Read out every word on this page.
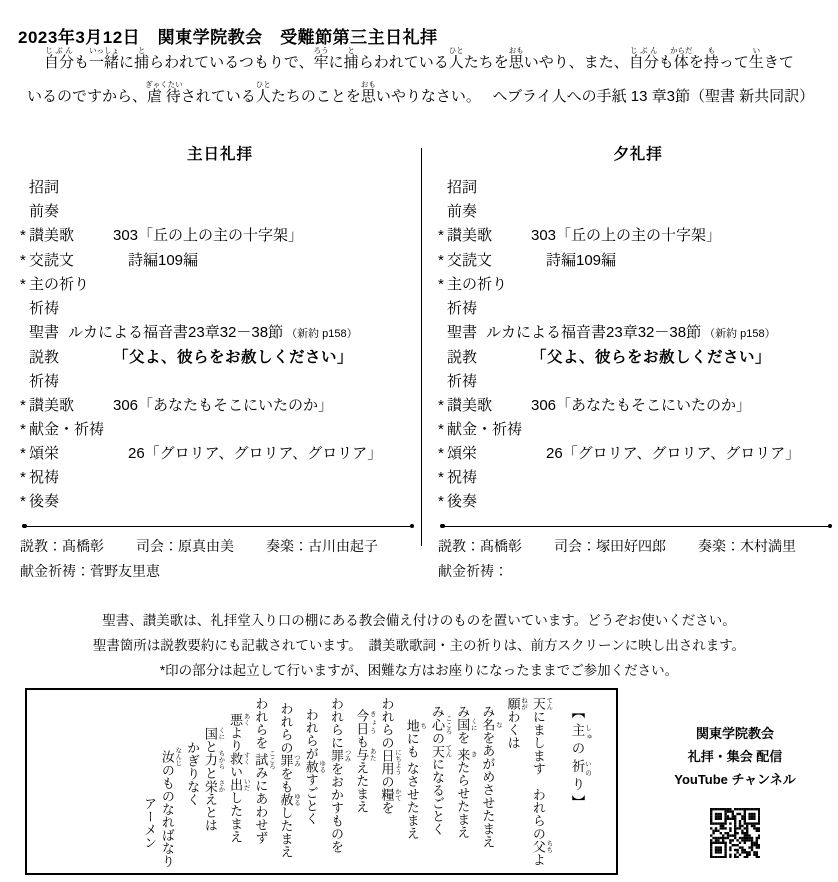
2023年3月12日　関東学院教会　受難節第三主日礼拝

自分じぶんも一緒いっしょに捕とらわれているつもりで、牢ろうに捕とらわれている人ひとたちを思おもいやり、また、自分じぶんも体からだを持もって生いきて

いるのですから、虐待ぎゃくたいされている人ひとたちのことを思おもいやりなさい。　 ヘブライ人への手紙 13 章3節（聖書 新共同訳）

主日礼拝
招詞
前奏
* 讃美歌	303「丘の上の主の十字架」
* 交読文	　詩編109編
* 主の祈り
祈祷
聖書 ルカによる福音書23章32－38節 （新約 p158）
説教	「父よ、彼らをお赦しください」
祈祷
* 讃美歌	306「あなたもそこにいたのか」
* 献金・祈祷
* 頌栄	　26「グロリア、グロリア、グロリア」
* 祝祷
* 後奏
説教：髙橋彰 司会：原真由美 奏楽：古川由起子
献金祈祷：菅野友里恵
夕礼拝
招詞
前奏
* 讃美歌	303「丘の上の主の十字架」
* 交読文	　詩編109編
* 主の祈り
祈祷
聖書 ルカによる福音書23章32－38節 （新約 p158）
説教	「父よ、彼らをお赦しください」
祈祷
* 讃美歌	306「あなたもそこにいたのか」
* 献金・祈祷
* 頌栄	　26「グロリア、グロリア、グロリア」
* 祝祷
* 後奏
説教：髙橋彰 司会：塚田好四郎 奏楽：木村満里
献金祈祷：
聖書、讃美歌は、礼拝堂入り口の棚にある教会備え付けのものを置いています。どうぞお使いください。
聖書箇所は説教要約にも記載されています。　讃美歌歌詞・主の祈りは、前方スクリーンに映し出されます。
*印の部分は起立して行いますが、困難な方はお座りになったままでご参加ください。
【主 しゅの祈 いのり】
天 てんにまします　われらの父 ちちよ
願 ねがわくは
み名 なをあがめさせたまえ
み国 くにを 来 きたらせたまえ
み心 こころの天 てんになるごとく
地 ちにも なさせたまえ
われらの日用 にちようの糧 かてを
今日 きょうも与 あたえたまえ
われらに罪 つみをおかすものを
われらが赦 ゆるすごとく
われらの罪 つみをも赦 ゆるしたまえ
われらを 試 こころみにあわせず
悪 あくより救 すくい出 いだしたまえ
国 くにと力 ちからと栄 さかえとは
かぎりなく
汝 なんじのものなればなり
アーメン
関東学院教会
礼拝・集会 配信
YouTube チャンネル
